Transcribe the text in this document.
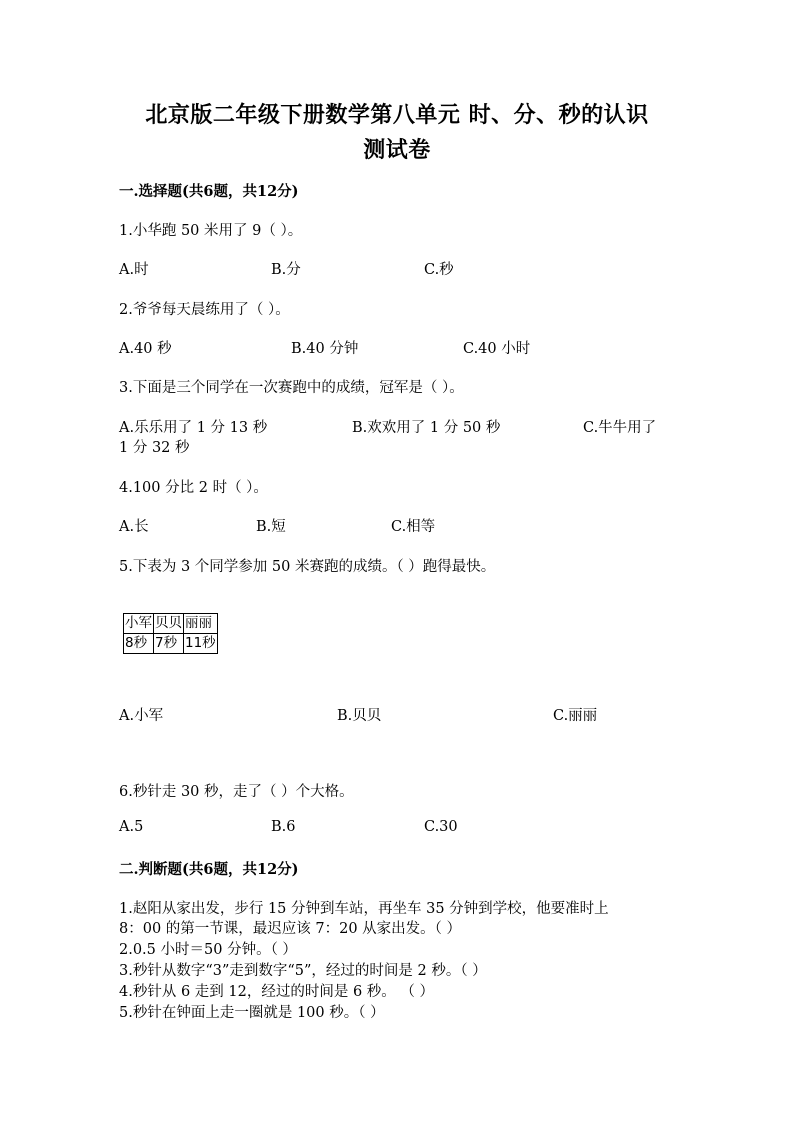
北京版二年级下册数学第八单元 时、分、秒的认识
测试卷
一.选择题(共6题，共12分)
1.小华跑 50 米用了 9（ ）。
A.时	B.分	C.秒
2.爷爷每天晨练用了（ ）。
A.40 秒	B.40 分钟	C.40 小时
3.下面是三个同学在一次赛跑中的成绩，冠军是（ ）。
A.乐乐用了 1 分 13 秒	B.欢欢用了 1 分 50 秒	C.牛牛用了
1 分 32 秒
4.100 分比 2 时（ ）。
A.长	B.短	C.相等
5.下表为 3 个同学参加 50 米赛跑的成绩。（ ）跑得最快。
小军	贝贝	丽丽
8秒	7秒	11秒
A.小军	B.贝贝	C.丽丽
6.秒针走 30 秒，走了（ ）个大格。
A.5	B.6	C.30
二.判断题(共6题，共12分)
1.赵阳从家出发，步行 15 分钟到车站，再坐车 35 分钟到学校，他要准时上
8：00 的第一节课，最迟应该 7：20 从家出发。（ ）
2.0.5 小时＝50 分钟。（ ）
3.秒针从数字“3”走到数字“5”，经过的时间是 2 秒。（ ）
4.秒针从 6 走到 12，经过的时间是 6 秒。 （ ）
5.秒针在钟面上走一圈就是 100 秒。（ ）
